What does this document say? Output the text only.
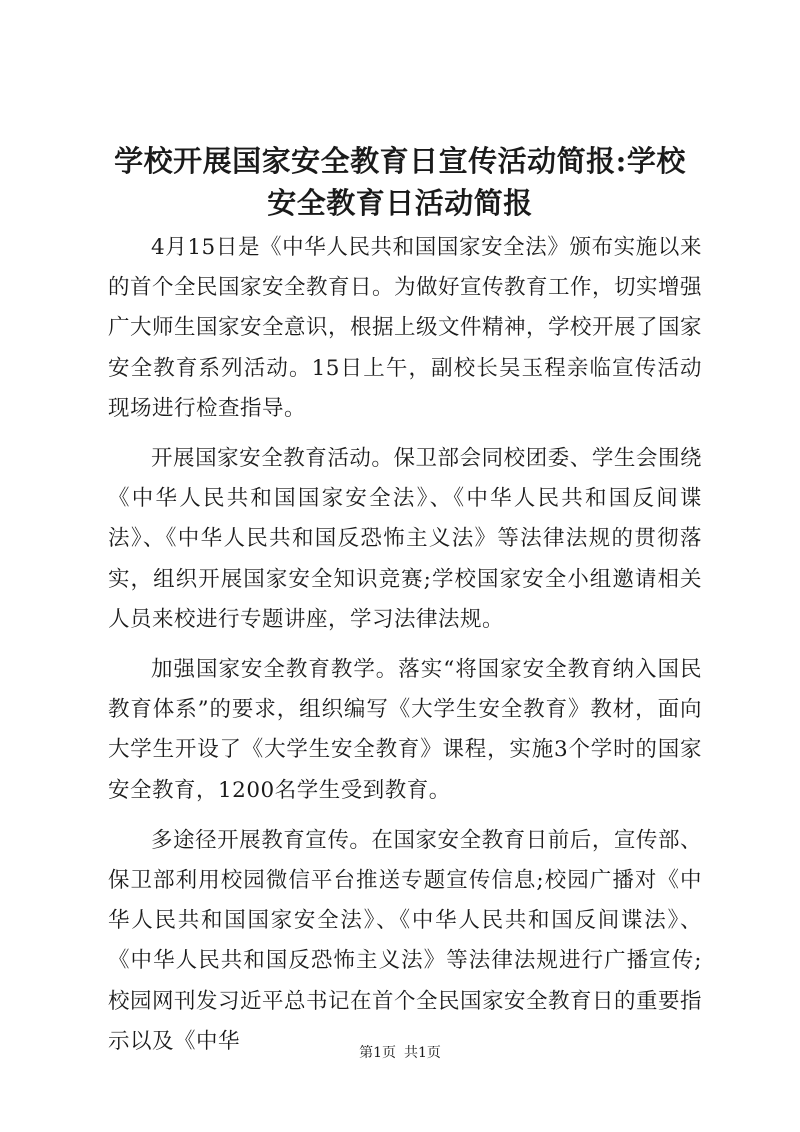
学校开展国家安全教育日宣传活动简报:学校
安全教育日活动简报

4月15日是《中华人民共和国国家安全法》颁布实施以来的首个全民国家安全教育日。为做好宣传教育工作，切实增强广大师生国家安全意识，根据上级文件精神，学校开展了国家安全教育系列活动。15日上午，副校长吴玉程亲临宣传活动现场进行检查指导。

开展国家安全教育活动。保卫部会同校团委、学生会围绕《中华人民共和国国家安全法》、《中华人民共和国反间谍法》、《中华人民共和国反恐怖主义法》等法律法规的贯彻落实，组织开展国家安全知识竞赛;学校国家安全小组邀请相关人员来校进行专题讲座，学习法律法规。

加强国家安全教育教学。落实“将国家安全教育纳入国民教育体系”的要求，组织编写《大学生安全教育》教材，面向大学生开设了《大学生安全教育》课程，实施3个学时的国家安全教育，1200名学生受到教育。

多途径开展教育宣传。在国家安全教育日前后，宣传部、保卫部利用校园微信平台推送专题宣传信息;校园广播对《中华人民共和国国家安全法》、《中华人民共和国反间谍法》、《中华人民共和国反恐怖主义法》等法律法规进行广播宣传;校园网刊发习近平总书记在首个全民国家安全教育日的重要指示以及《中华	第1页 共1页
